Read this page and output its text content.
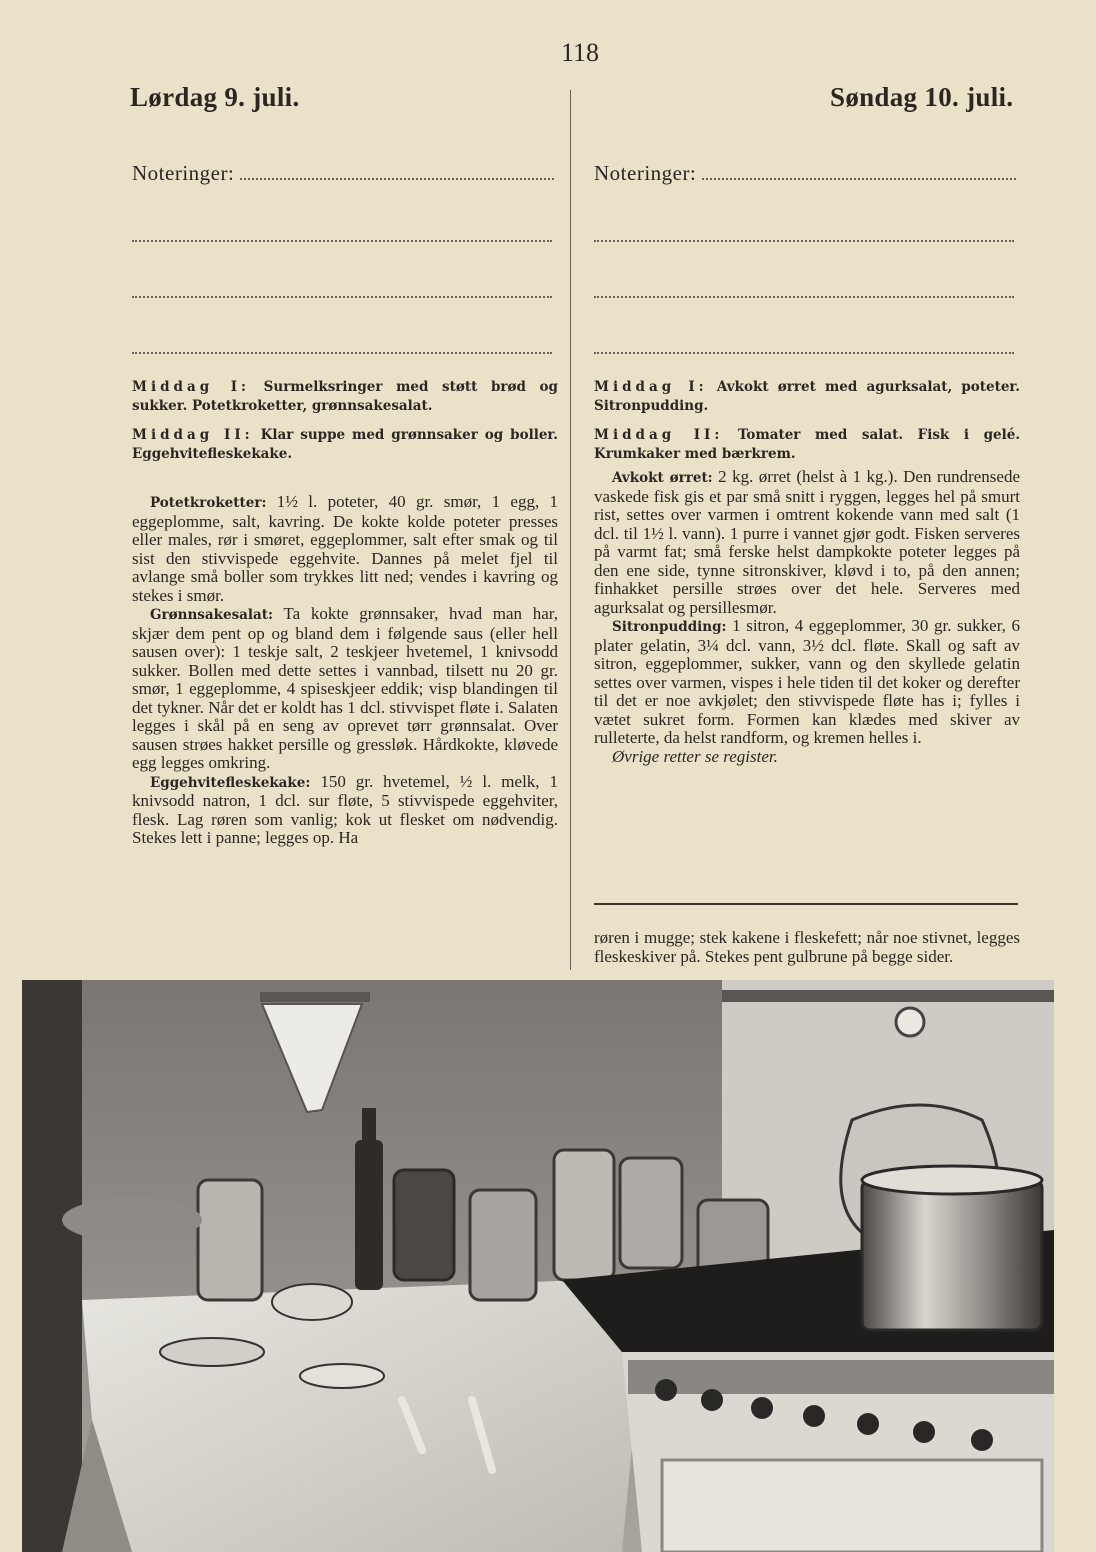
118
Lørdag 9. juli.	Søndag 10. juli.
Noteringer:	Noteringer:
Middag I: Surmelksringer med støtt brød og sukker. Potetkroketter, grønnsakesalat.
Middag II: Klar suppe med grønnsaker og boller. Eggehvitefleskekake.
Middag I: Avkokt ørret med agurksalat, poteter. Sitronpudding.
Middag II: Tomater med salat. Fisk i gelé. Krumkaker med bærkrem.

Potetkroketter: 1½ l. poteter, 40 gr. smør, 1 egg, 1 eggeplomme, salt, kavring. De kokte kolde poteter presses eller males, rør i smøret, eggeplommer, salt efter smak og til sist den stivvispede eggehvite. Dannes på melet fjel til avlange små boller som trykkes litt ned; vendes i kavring og stekes i smør.

Grønnsakesalat: Ta kokte grønnsaker, hvad man har, skjær dem pent op og bland dem i følgende saus (eller hell sausen over): 1 teskje salt, 2 teskjeer hvetemel, 1 knivsodd sukker. Bollen med dette settes i vannbad, tilsett nu 20 gr. smør, 1 eggeplomme, 4 spiseskjeer eddik; visp blandingen til det tykner. Når det er koldt has 1 dcl. stivvispet fløte i. Salaten legges i skål på en seng av oprevet tørr grønnsalat. Over sausen strøes hakket persille og gressløk. Hårdkokte, kløvede egg legges omkring.

Eggehvitefleskekake: 150 gr. hvetemel, ½ l. melk, 1 knivsodd natron, 1 dcl. sur fløte, 5 stivvispede eggehviter, flesk. Lag røren som vanlig; kok ut flesket om nødvendig. Stekes lett i panne; legges op. Ha

Avkokt ørret: 2 kg. ørret (helst à 1 kg.). Den rundrensede vaskede fisk gis et par små snitt i ryggen, legges hel på smurt rist, settes over varmen i omtrent kokende vann med salt (1 dcl. til 1½ l. vann). 1 purre i vannet gjør godt. Fisken serveres på varmt fat; små ferske helst dampkokte poteter legges på den ene side, tynne sitronskiver, kløvd i to, på den annen; finhakket persille strøes over det hele. Serveres med agurksalat og persillesmør.

Sitronpudding: 1 sitron, 4 eggeplommer, 30 gr. sukker, 6 plater gelatin, 3¼ dcl. vann, 3½ dcl. fløte. Skall og saft av sitron, eggeplommer, sukker, vann og den skyllede gelatin settes over varmen, vispes i hele tiden til det koker og derefter til det er noe avkjølet; den stivvispede fløte has i; fylles i vætet sukret form. Formen kan klædes med skiver av rulleterte, da helst randform, og kremen helles i.

Øvrige retter se register.

røren i mugge; stek kakene i fleskefett; når noe stivnet, legges fleskeskiver på. Stekes pent gulbrune på begge sider.
